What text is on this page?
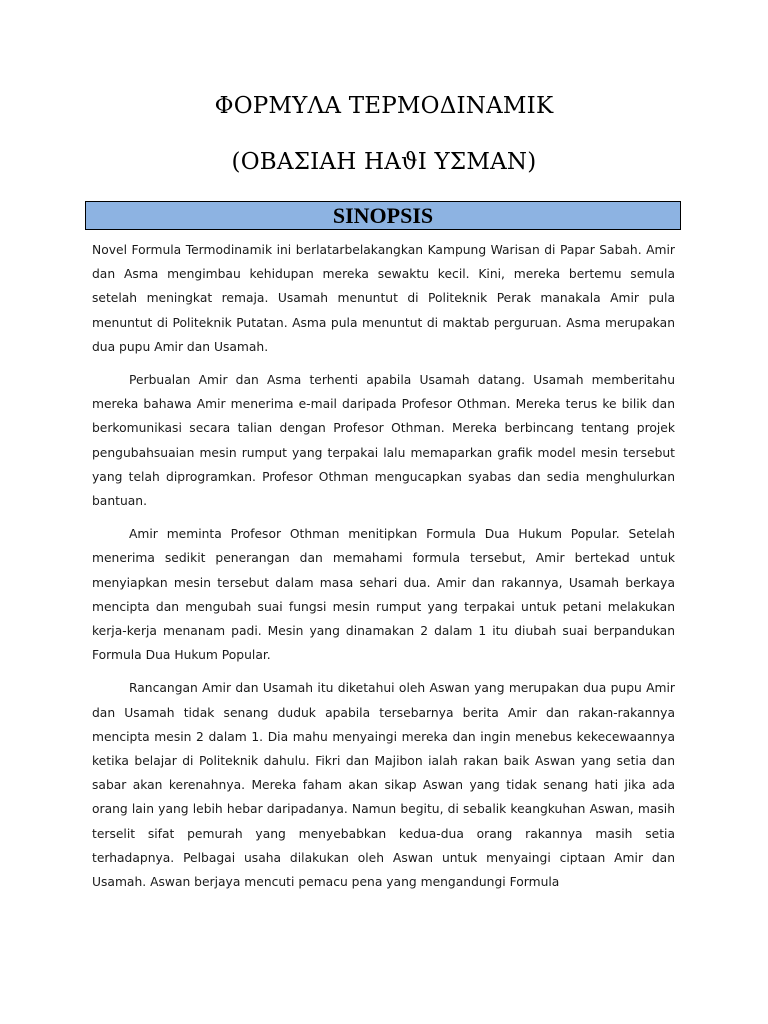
ΦΟΡΜΥΛΑ ΤΕΡΜΟΔΙΝΑΜΙΚ
(ΟΒΑΣΙΑΗ ΗΑϑΙ ΥΣΜΑΝ)
SINOPSIS

Novel Formula Termodinamik ini berlatarbelakangkan Kampung Warisan di Papar Sabah. Amir dan Asma mengimbau kehidupan mereka sewaktu kecil. Kini, mereka bertemu semula setelah meningkat remaja. Usamah menuntut di Politeknik Perak manakala Amir pula menuntut di Politeknik Putatan. Asma pula menuntut di maktab perguruan. Asma merupakan dua pupu Amir dan Usamah.

Perbualan Amir dan Asma terhenti apabila Usamah datang. Usamah memberitahu mereka bahawa Amir menerima e-mail daripada Profesor Othman. Mereka terus ke bilik dan berkomunikasi secara talian dengan Profesor Othman. Mereka berbincang tentang projek pengubahsuaian mesin rumput yang terpakai lalu memaparkan grafik model mesin tersebut yang telah diprogramkan. Profesor Othman mengucapkan syabas dan sedia menghulurkan bantuan.

Amir meminta Profesor Othman menitipkan Formula Dua Hukum Popular. Setelah menerima sedikit penerangan dan memahami formula tersebut, Amir bertekad untuk menyiapkan mesin tersebut dalam masa sehari dua. Amir dan rakannya, Usamah berkaya mencipta dan mengubah suai fungsi mesin rumput yang terpakai untuk petani melakukan kerja-kerja menanam padi. Mesin yang dinamakan 2 dalam 1 itu diubah suai berpandukan Formula Dua Hukum Popular.

Rancangan Amir dan Usamah itu diketahui oleh Aswan yang merupakan dua pupu Amir dan Usamah tidak senang duduk apabila tersebarnya berita Amir dan rakan-rakannya mencipta mesin 2 dalam 1. Dia mahu menyaingi mereka dan ingin menebus kekecewaannya ketika belajar di Politeknik dahulu. Fikri dan Majibon ialah rakan baik Aswan yang setia dan sabar akan kerenahnya. Mereka faham akan sikap Aswan yang tidak senang hati jika ada orang lain yang lebih hebar daripadanya. Namun begitu, di sebalik keangkuhan Aswan, masih terselit sifat pemurah yang menyebabkan kedua-dua orang rakannya masih setia terhadapnya. Pelbagai usaha dilakukan oleh Aswan untuk menyaingi ciptaan Amir dan Usamah. Aswan berjaya mencuti pemacu pena yang mengandungi Formula
